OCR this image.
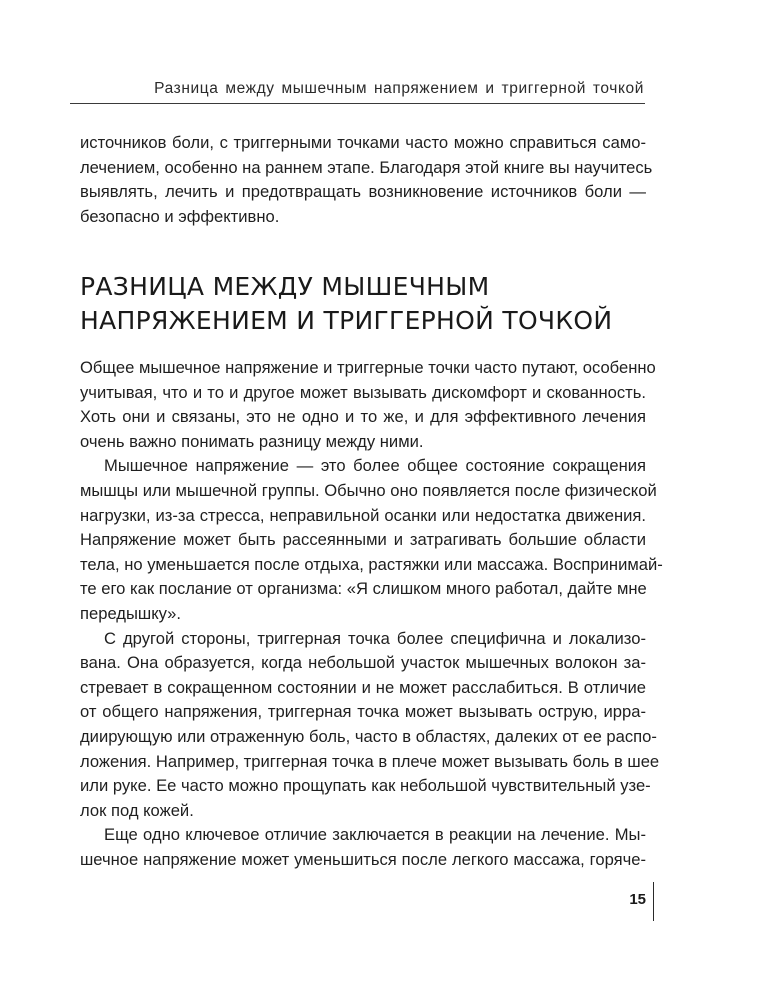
Разница между мышечным напряжением и триггерной точкой

источников боли, с триггерными точками часто можно справиться само-
лечением, особенно на раннем этапе. Благодаря этой книге вы научитесь
выявлять, лечить и предотвращать возникновение источников боли —
безопасно и эффективно.

РАЗНИЦА МЕЖДУ МЫШЕЧНЫМ
НАПРЯЖЕНИЕМ И ТРИГГЕРНОЙ ТОЧКОЙ

Общее мышечное напряжение и триггерные точки часто путают, особенно
учитывая, что и то и другое может вызывать дискомфорт и скованность.
Хоть они и связаны, это не одно и то же, и для эффективного лечения
очень важно понимать разницу между ними.

Мышечное напряжение — это более общее состояние сокращения
мышцы или мышечной группы. Обычно оно появляется после физической
нагрузки, из-за стресса, неправильной осанки или недостатка движения.
Напряжение может быть рассеянными и затрагивать большие области
тела, но уменьшается после отдыха, растяжки или массажа. Воспринимай-
те его как послание от организма: «Я слишком много работал, дайте мне
передышку».

С другой стороны, триггерная точка более специфична и локализо-
вана. Она образуется, когда небольшой участок мышечных волокон за-
стревает в сокращенном состоянии и не может расслабиться. В отличие
от общего напряжения, триггерная точка может вызывать острую, ирра-
диирующую или отраженную боль, часто в областях, далеких от ее распо-
ложения. Например, триггерная точка в плече может вызывать боль в шее
или руке. Ее часто можно прощупать как небольшой чувствительный узе-
лок под кожей.

Еще одно ключевое отличие заключается в реакции на лечение. Мы-
шечное напряжение может уменьшиться после легкого массажа, горяче-

15
